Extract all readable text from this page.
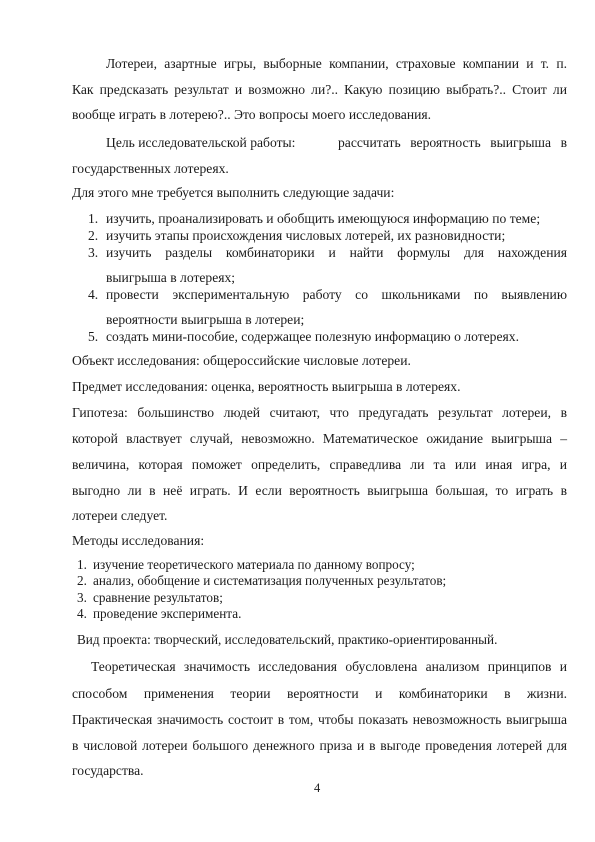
Лотереи, азартные игры, выборные компании, страховые компании и т. п.
Как предсказать результат и возможно ли?.. Какую позицию выбрать?.. Стоит ли
вообще играть в лотерею?.. Это вопросы моего исследования.
Цель исследовательской работы:	рассчитать вероятность выигрыша в
государственных лотереях.
Для этого мне требуется выполнить следующие задачи:
1. изучить, проанализировать и обобщить имеющуюся информацию по теме;
2. изучить этапы происхождения числовых лотерей, их разновидности;
3. изучить разделы комбинаторики и найти формулы для нахождения
выигрыша в лотереях;
4. провести экспериментальную работу со школьниками по выявлению
вероятности выигрыша в лотереи;
5. создать мини-пособие, содержащее полезную информацию о лотереях.
Объект исследования: общероссийские числовые лотереи.
Предмет исследования: оценка, вероятность выигрыша в лотереях.
Гипотеза: большинство людей считают, что предугадать результат лотереи, в
которой властвует случай, невозможно. Математическое ожидание выигрыша –
величина, которая поможет определить, справедлива ли та или иная игра, и
выгодно ли в неё играть. И если вероятность выигрыша большая, то играть в
лотереи следует.
Методы исследования:
1. изучение теоретического материала по данному вопросу;
2. анализ, обобщение и систематизация полученных результатов;
3. сравнение результатов;
4. проведение эксперимента.
Вид проекта: творческий, исследовательский, практико-ориентированный.
Теоретическая значимость исследования обусловлена анализом принципов и
способом применения теории вероятности и комбинаторики в жизни.
Практическая значимость состоит в том, чтобы показать невозможность выигрыша
в числовой лотереи большого денежного приза и в выгоде проведения лотерей для
государства.
4
